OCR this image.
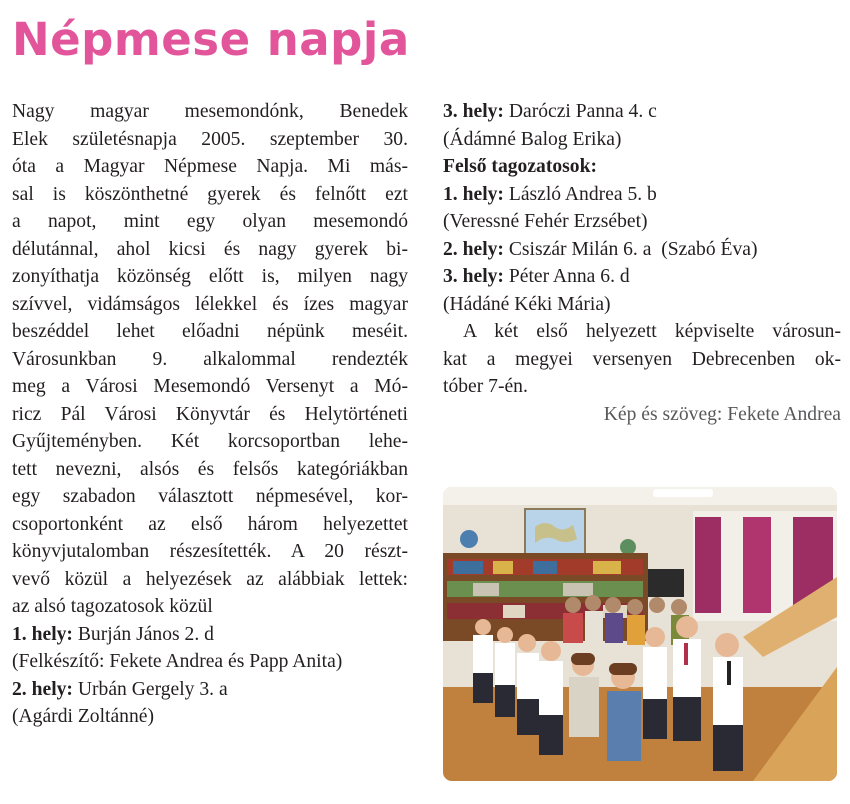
Népmese napja
Nagy magyar mesemondónk, Benedek
Elek születésnapja 2005. szeptember 30.
óta a Magyar Népmese Napja. Mi más-
sal is köszönthetné gyerek és felnőtt ezt
a napot, mint egy olyan mesemondó
délutánnal, ahol kicsi és nagy gyerek bi-
zonyíthatja közönség előtt is, milyen nagy
szívvel, vidámságos lélekkel és ízes magyar
beszéddel lehet előadni népünk meséit.
Városunkban 9. alkalommal rendezték
meg a Városi Mesemondó Versenyt a Mó-
ricz Pál Városi Könyvtár és Helytörténeti
Gyűjteményben. Két korcsoportban lehe-
tett nevezni, alsós és felsős kategóriákban
egy szabadon választott népmesével, kor-
csoportonként az első három helyezettet
könyvjutalomban részesítették. A 20 részt-
vevő közül a helyezések az alábbiak lettek:
az alsó tagozatosok közül
1. hely: Burján János 2. d
(Felkészítő: Fekete Andrea és Papp Anita)
2. hely: Urbán Gergely 3. a
(Agárdi Zoltánné)
3. hely: Daróczi Panna 4. c
(Ádámné Balog Erika)
Felső tagozatosok:
1. hely: László Andrea 5. b
(Veressné Fehér Erzsébet)
2. hely: Csiszár Milán 6. a  (Szabó Éva)
3. hely: Péter Anna 6. d
(Hádáné Kéki Mária)
A két első helyezett képviselte városun-
kat a megyei versenyen Debrecenben ok-
tóber 7-én.
Kép és szöveg: Fekete Andrea
